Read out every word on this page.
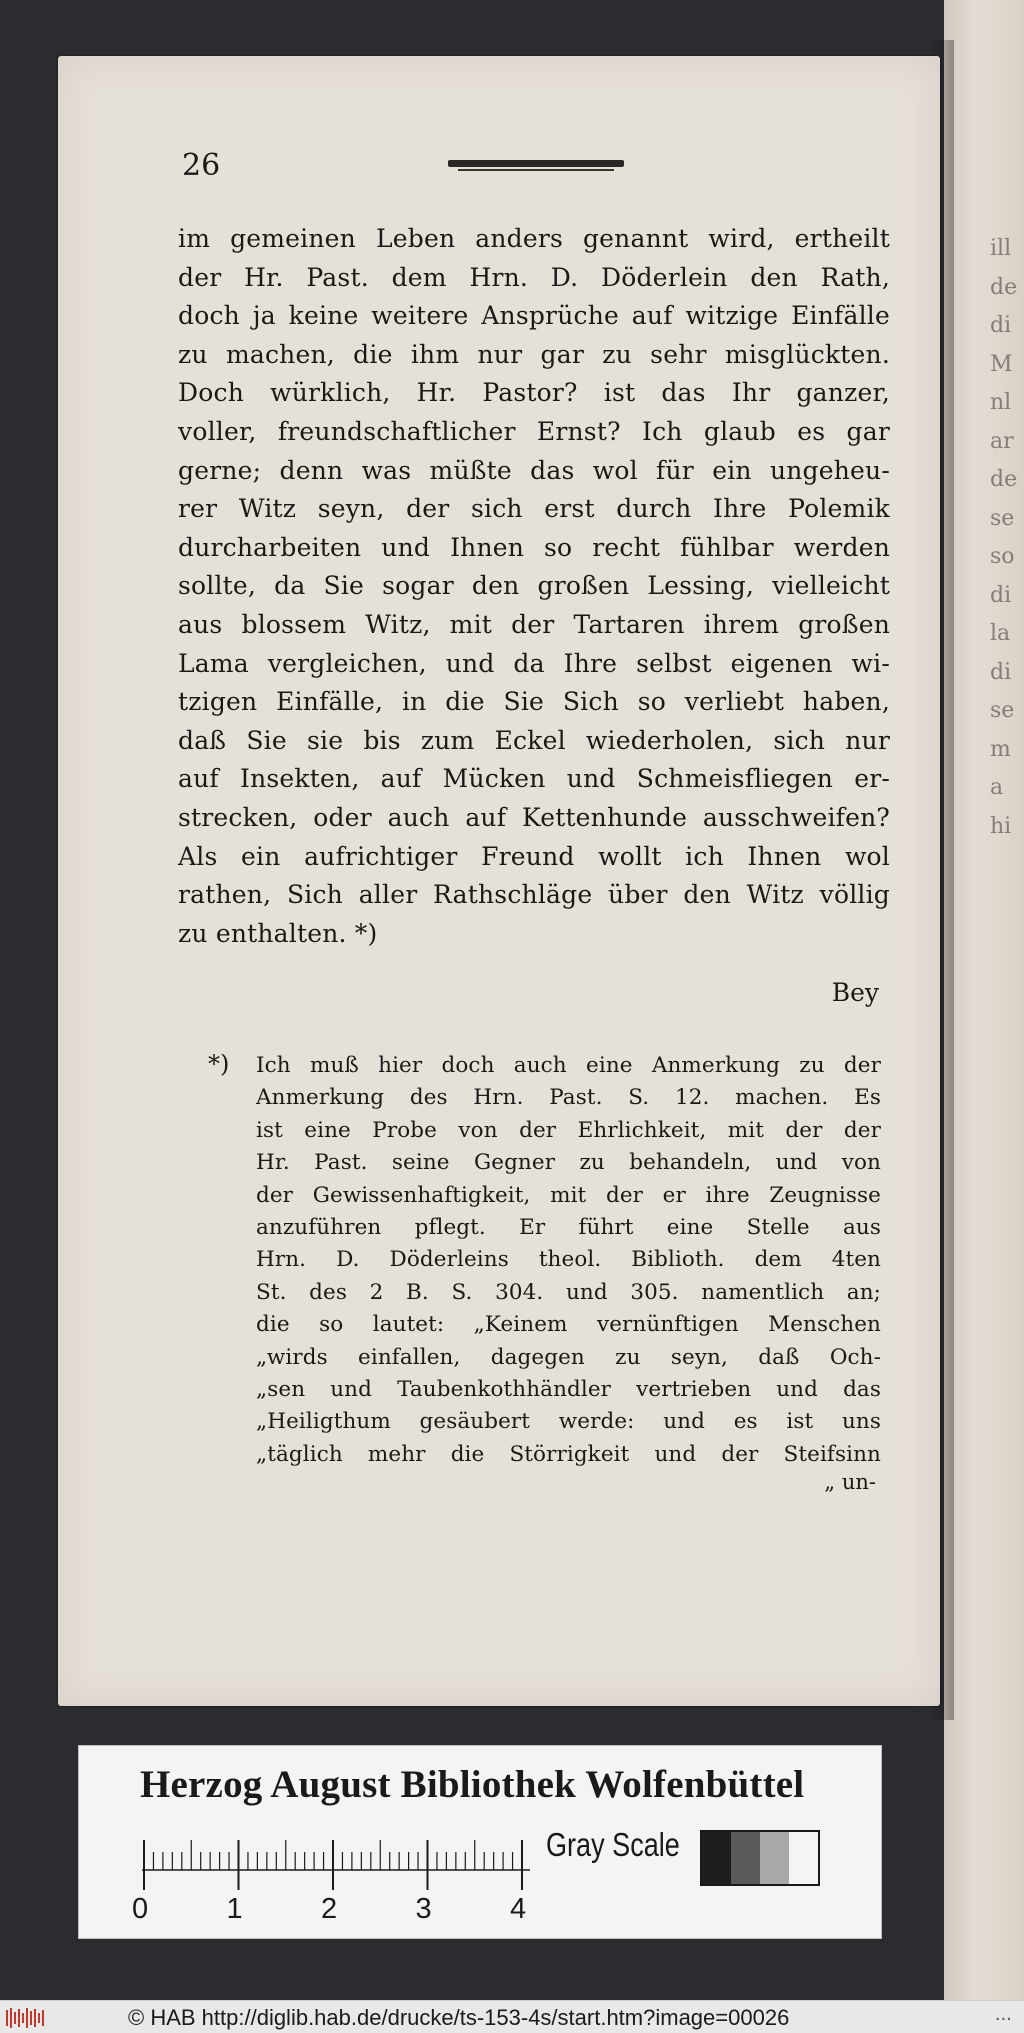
ill
de
di
M
nl
ar
de
se
so
di
la
di
se
m
a
hi
26
im gemeinen Leben anders genannt wird, ertheilt
der Hr. Past. dem Hrn. D. Döderlein den Rath,
doch ja keine weitere Ansprüche auf witzige Einfälle
zu machen, die ihm nur gar zu sehr misglückten.
Doch würklich, Hr. Pastor? ist das Ihr ganzer,
voller, freundschaftlicher Ernst? Ich glaub es gar
gerne; denn was müßte das wol für ein ungeheu-
rer Witz seyn, der sich erst durch Ihre Polemik
durcharbeiten und Ihnen so recht fühlbar werden
sollte, da Sie sogar den großen Lessing, vielleicht
aus blossem Witz, mit der Tartaren ihrem großen
Lama vergleichen, und da Ihre selbst eigenen wi-
tzigen Einfälle, in die Sie Sich so verliebt haben,
daß Sie sie bis zum Eckel wiederholen, sich nur
auf Insekten, auf Mücken und Schmeisfliegen er-
strecken, oder auch auf Kettenhunde ausschweifen?
Als ein aufrichtiger Freund wollt ich Ihnen wol
rathen, Sich aller Rathschläge über den Witz völlig
zu enthalten. *)
Bey
*) Ich muß hier doch auch eine Anmerkung zu der
Anmerkung des Hrn. Past. S. 12. machen. Es
ist eine Probe von der Ehrlichkeit, mit der der
Hr. Past. seine Gegner zu behandeln, und von
der Gewissenhaftigkeit, mit der er ihre Zeugnisse
anzuführen pflegt. Er führt eine Stelle aus
Hrn. D. Döderleins theol. Biblioth. dem 4ten
St. des 2 B. S. 304. und 305. namentlich an;
die so lautet: „Keinem vernünftigen Menschen
„wirds einfallen, dagegen zu seyn, daß Och-
„sen und Taubenkothhändler vertrieben und das
„Heiligthum gesäubert werde: und es ist uns
„täglich mehr die Störrigkeit und der Steifsinn
„ un-
Herzog August Bibliothek Wolfenbüttel
0	1	2	3	4
Gray Scale
© HAB http://diglib.hab.de/drucke/ts-153-4s/start.htm?image=00026	...
